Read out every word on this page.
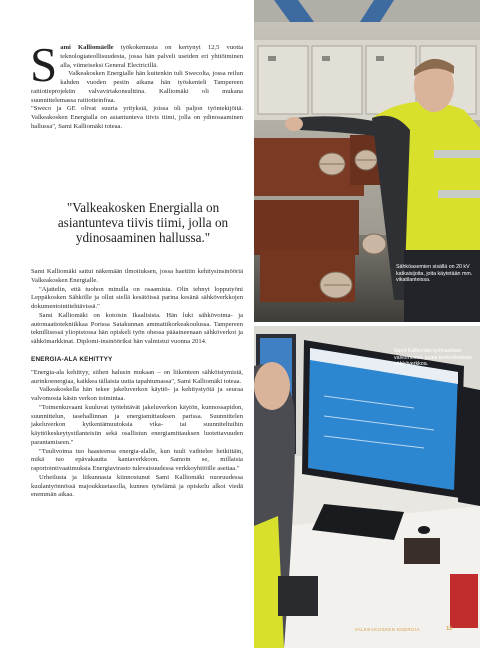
Sami Kalliomäelle työkokemusta on kertynyt 12,5 vuotta teknologiateollisuudesta, jossa hän palveli useiden eri yhtiöiminen alla, viimeiseksi General Electricillä.

Valkeakosken Energialle hän kuitenkin tuli Swecolta, jossa reilun kahden vuoden pestin aikana hän työskenteli Tampereen raitiotieprojektin valvavirtakonsulttina. Kalliomäki oli mukana suunnittelemassa raitiotieinfraa.

"Sweco ja GE olivat suuria yrityksiä, joissa oli paljon työntekijöitä. Valkeakosken Energialla on asiantunteva tiivis tiimi, jolla on ydinosaaminen hallussa", Sami Kalliomäki toteaa.

"Valkeakosken Energialla on asiantunteva tiivis tiimi, jolla on ydinosaaminen hallussa."

Sami Kalliomäki sattui näkemään ilmoituksen, jossa haettiin kehitysinsinööriä Valkeakosken Energialle.

"Ajattelin, että tuohon minulla on osaamista. Olin tehnyt lopputyöni Leppäkosken Sähkölle ja ollut siellä kesätöissä parina kesänä sähköverkkojen dokumentointitehtävissä."

Sami Kalliomäki on kotoisin Ikaalisista. Hän luki sähkövoima- ja automaatiotekniikkaa Porissa Satakunnan ammattikorkeakoulussa. Tampereen teknillisessä yliopistossa hän opiskeli työn ohessa pääaineenaan sähköverkot ja sähkömarkkinat. Diplomi-insinööriksi hän valmistui vuonna 2014.

ENERGIA-ALA KEHITTYY

"Energia-ala kehittyy, siihen halusin mukaan – on liikenteen sähköistymistä, aurinkoenergiaa, kaikkea tällaista uutta tapahtumassa", Sami Kalliomäki toteaa.

Valkeakoskella hän tekee jakeluverkon käyttö- ja kehitystyötä ja seuraa valvomosta käsin verkon toimintaa.

"Toimenkuvaani kuuluvat työtehtävät jakeluverkon käytön, kunnossapidon, suunnittelun, tasehallinnan ja energiamittauksen parissa. Suunnittelen jakeluverkon kytkentämuutoksia vika- tai suunniteltuihin käyttökeskeytystilanteisiin sekä osallistun energiamittauksen luotettavuuden parantamiseen."

"Tuulivoima tuo haasteensa energia-alalle, kun tuuli vaihtelee hetkittäin, mikä tuo epävakautta kantaverkkoon. Samoin se, millaisia raportointivaatimuksia Energiavirasto tulevaisuudessa verkkoyhtiöille asettaa."

Urheilusta ja liikunnasta kiinnostunut Sami Kalliomäki nuoruudessa kuulantyönnössä majoukkuetasolla, kunnes työelämä ja opiskelu alkoi viedä enemmän aikaa.

Sähköasemien sisällä on 20 kV katkaisijoita, joita käytetään mm. vikatilanteissa.
Sami Kalliomäki työmaallaan valvomossa, jossa kontrolloidaan sähköverkkoa.
VALKEAKOSKEN ENERGIA	13
